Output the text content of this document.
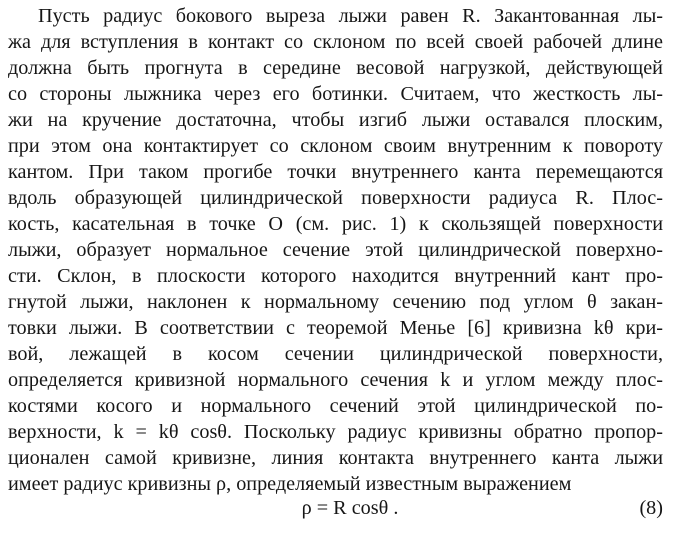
Пусть радиус бокового выреза лыжи равен R. Закантованная лы-
жа для вступления в контакт со склоном по всей своей рабочей длине
должна быть прогнута в середине весовой нагрузкой, действующей
со стороны лыжника через его ботинки. Считаем, что жесткость лы-
жи на кручение достаточна, чтобы изгиб лыжи оставался плоским,
при этом она контактирует со склоном своим внутренним к повороту
кантом. При таком прогибе точки внутреннего канта перемещаются
вдоль образующей цилиндрической поверхности радиуса R. Плос-
кость, касательная в точке O (см. рис. 1) к скользящей поверхности
лыжи, образует нормальное сечение этой цилиндрической поверхно-
сти. Склон, в плоскости которого находится внутренний кант про-
гнутой лыжи, наклонен к нормальному сечению под углом θ закан-
товки лыжи. В соответствии с теоремой Менье [6] кривизна kθ кри-
вой, лежащей в косом сечении цилиндрической поверхности,
определяется кривизной нормального сечения k и углом между плос-
костями косого и нормального сечений этой цилиндрической по-
верхности, k = kθ cosθ. Поскольку радиус кривизны обратно пропор-
ционален самой кривизне, линия контакта внутреннего канта лыжи
имеет радиус кривизны ρ, определяемый известным выражением
ρ = R cosθ .	(8)
